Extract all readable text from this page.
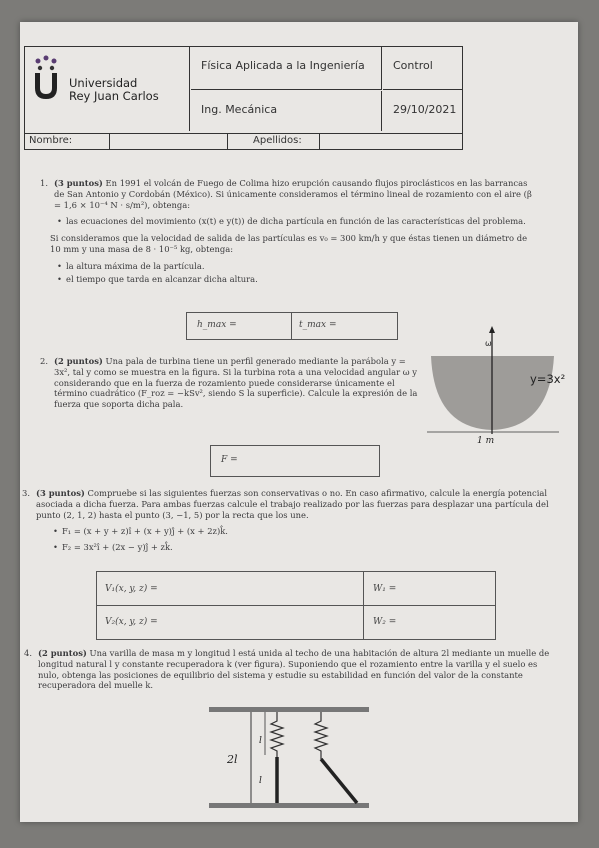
Universidad
Rey Juan Carlos
Física Aplicada a la Ingeniería	Control
Ing. Mecánica	29/10/2021
Nombre:	Apellidos:
1. (3 puntos) En 1991 el volcán de Fuego de Colima hizo erupción causando flujos piroclásticos en las barrancas de San Antonio y Cordobán (México). Si únicamente consideramos el término lineal de rozamiento con el aire (β = 1,6 × 10⁻⁴ N · s/m²), obtenga:
• las ecuaciones del movimiento (x(t) e y(t)) de dicha partícula en función de las características del problema.
Si consideramos que la velocidad de salida de las partículas es v₀ = 300 km/h y que éstas tienen un diámetro de 10 mm y una masa de 8 · 10⁻⁵ kg, obtenga:
• la altura máxima de la partícula.
• el tiempo que tarda en alcanzar dicha altura.
h_max =	t_max =
2. (2 puntos) Una pala de turbina tiene un perfil generado mediante la parábola y = 3x², tal y como se muestra en la figura. Si la turbina rota a una velocidad angular ω y considerando que en la fuerza de rozamiento puede considerarse únicamente el término cuadrático (F_roz = −kSv², siendo S la superficie). Calcule la expresión de la fuerza que soporta dicha pala.
ω
y=3x²
1 m
F =
3. (3 puntos) Compruebe si las siguientes fuerzas son conservativas o no. En caso afirmativo, calcule la energía potencial asociada a dicha fuerza. Para ambas fuerzas calcule el trabajo realizado por las fuerzas para desplazar una partícula del punto (2, 1, 2) hasta el punto (3, −1, 5) por la recta que los une.
• F₁ = (x + y + z)î + (x + y)ĵ + (x + 2z)k̂.
• F₂ = 3x²î + (2x − y)ĵ + zk̂.
V₁(x, y, z) =	W₁ =
V₂(x, y, z) =	W₂ =
4. (2 puntos) Una varilla de masa m y longitud l está unida al techo de una habitación de altura 2l mediante un muelle de longitud natural l y constante recuperadora k (ver figura). Suponiendo que el rozamiento entre la varilla y el suelo es nulo, obtenga las posiciones de equilibrio del sistema y estudie su estabilidad en función del valor de la constante recuperadora del muelle k.
2l
l
l
